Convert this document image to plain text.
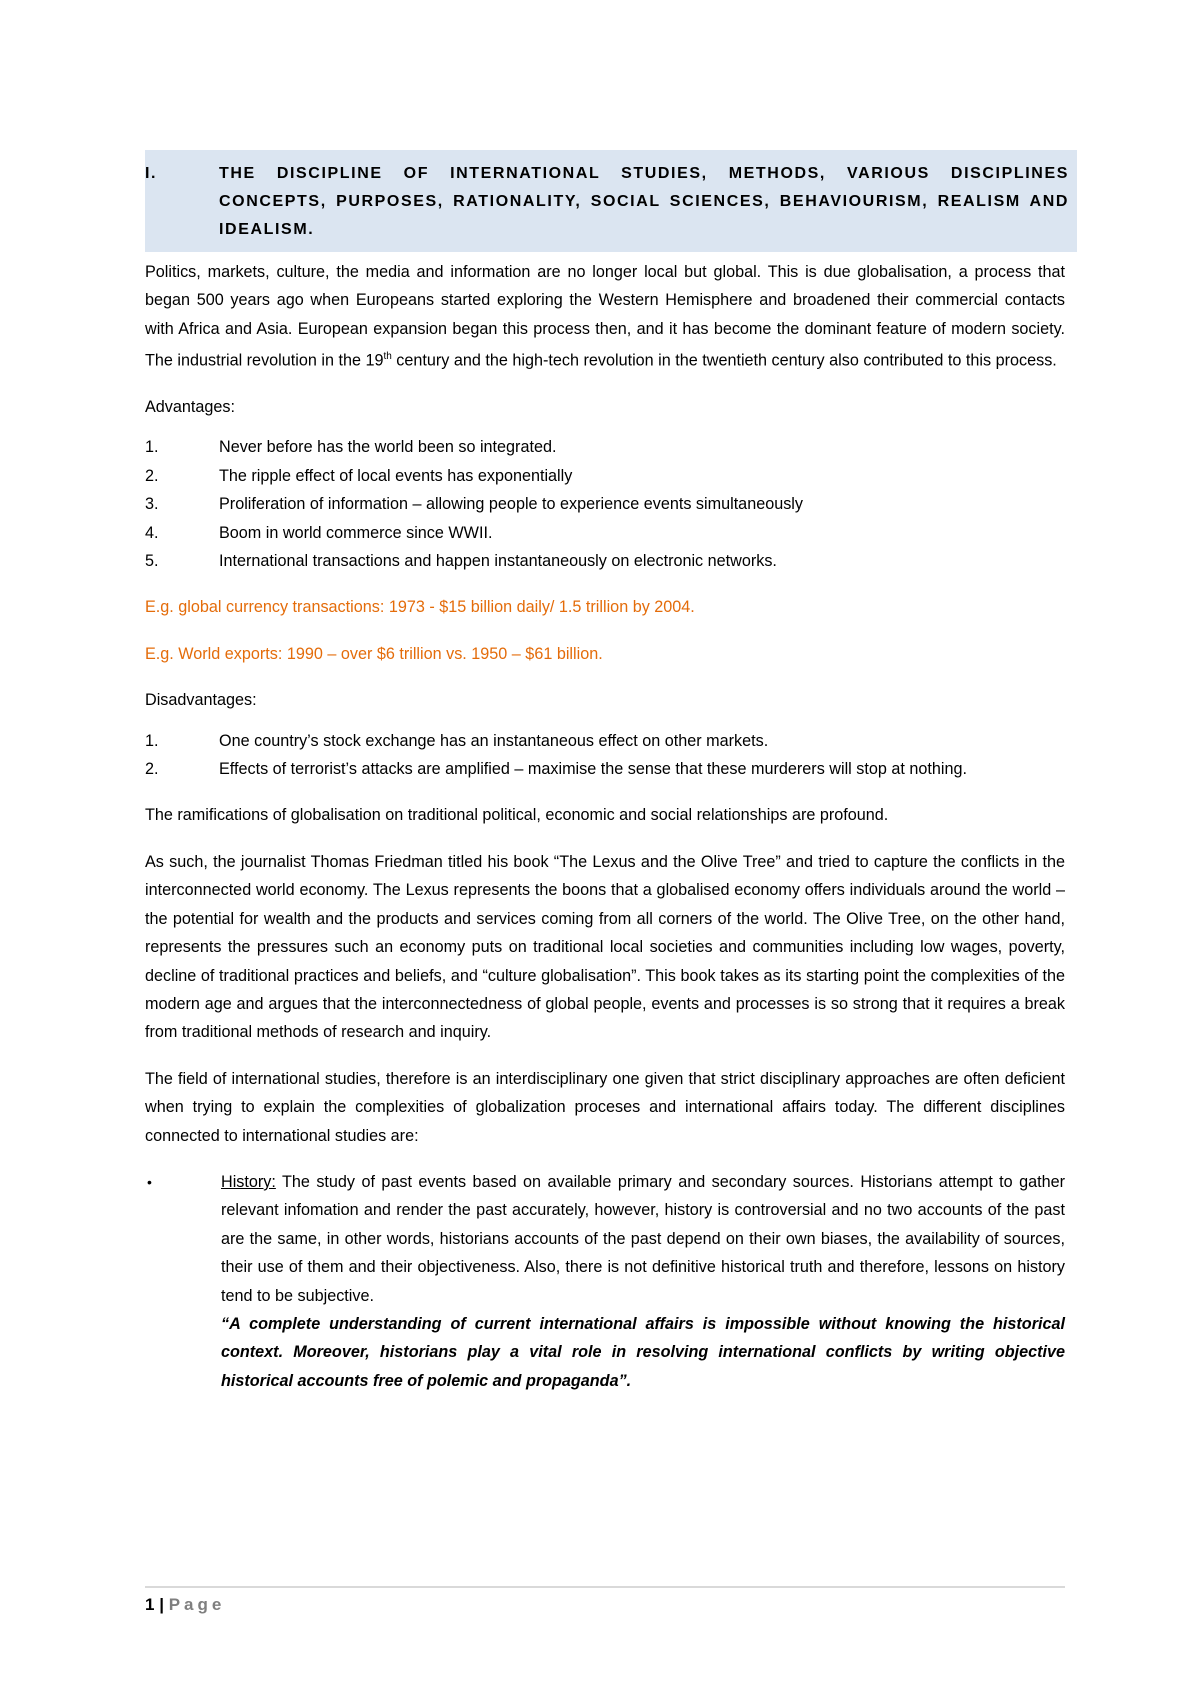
I.	THE DISCIPLINE OF INTERNATIONAL STUDIES, METHODS, VARIOUS DISCIPLINES CONCEPTS, PURPOSES, RATIONALITY, SOCIAL SCIENCES, BEHAVIOURISM, REALISM AND IDEALISM.

Politics, markets, culture, the media and information are no longer local but global. This is due globalisation, a process that began 500 years ago when Europeans started exploring the Western Hemisphere and broadened their commercial contacts with Africa and Asia. European expansion began this process then, and it has become the dominant feature of modern society. The industrial revolution in the 19th century and the high-tech revolution in the twentieth century also contributed to this process.

Advantages:

1.	Never before has the world been so integrated.
2.	The ripple effect of local events has exponentially
3.	Proliferation of information – allowing people to experience events simultaneously
4.	Boom in world commerce since WWII.
5.	International transactions and happen instantaneously on electronic networks.

E.g. global currency transactions: 1973 - $15 billion daily/ 1.5 trillion by 2004.

E.g. World exports: 1990 – over $6 trillion vs. 1950 – $61 billion.

Disadvantages:

1.	One country’s stock exchange has an instantaneous effect on other markets.
2.	Effects of terrorist’s attacks are amplified – maximise the sense that these murderers will stop at nothing.

The ramifications of globalisation on traditional political, economic and social relationships are profound.

As such, the journalist Thomas Friedman titled his book “The Lexus and the Olive Tree” and tried to capture the conflicts in the interconnected world economy. The Lexus represents the boons that a globalised economy offers individuals around the world – the potential for wealth and the products and services coming from all corners of the world. The Olive Tree, on the other hand, represents the pressures such an economy puts on traditional local societies and communities including low wages, poverty, decline of traditional practices and beliefs, and “culture globalisation”. This book takes as its starting point the complexities of the modern age and argues that the interconnectedness of global people, events and processes is so strong that it requires a break from traditional methods of research and inquiry.

The field of international studies, therefore is an interdisciplinary one given that strict disciplinary approaches are often deficient when trying to explain the complexities of globalization proceses and international affairs today. The different disciplines connected to international studies are:

•	History: The study of past events based on available primary and secondary sources. Historians attempt to gather relevant infomation and render the past accurately, however, history is controversial and no two accounts of the past are the same, in other words, historians accounts of the past depend on their own biases, the availability of sources, their use of them and their objectiveness. Also, there is not definitive historical truth and therefore, lessons on history tend to be subjective.
“A complete understanding of current international affairs is impossible without knowing the historical context. Moreover, historians play a vital role in resolving international conflicts by writing objective historical accounts free of polemic and propaganda”.
1 | Page
